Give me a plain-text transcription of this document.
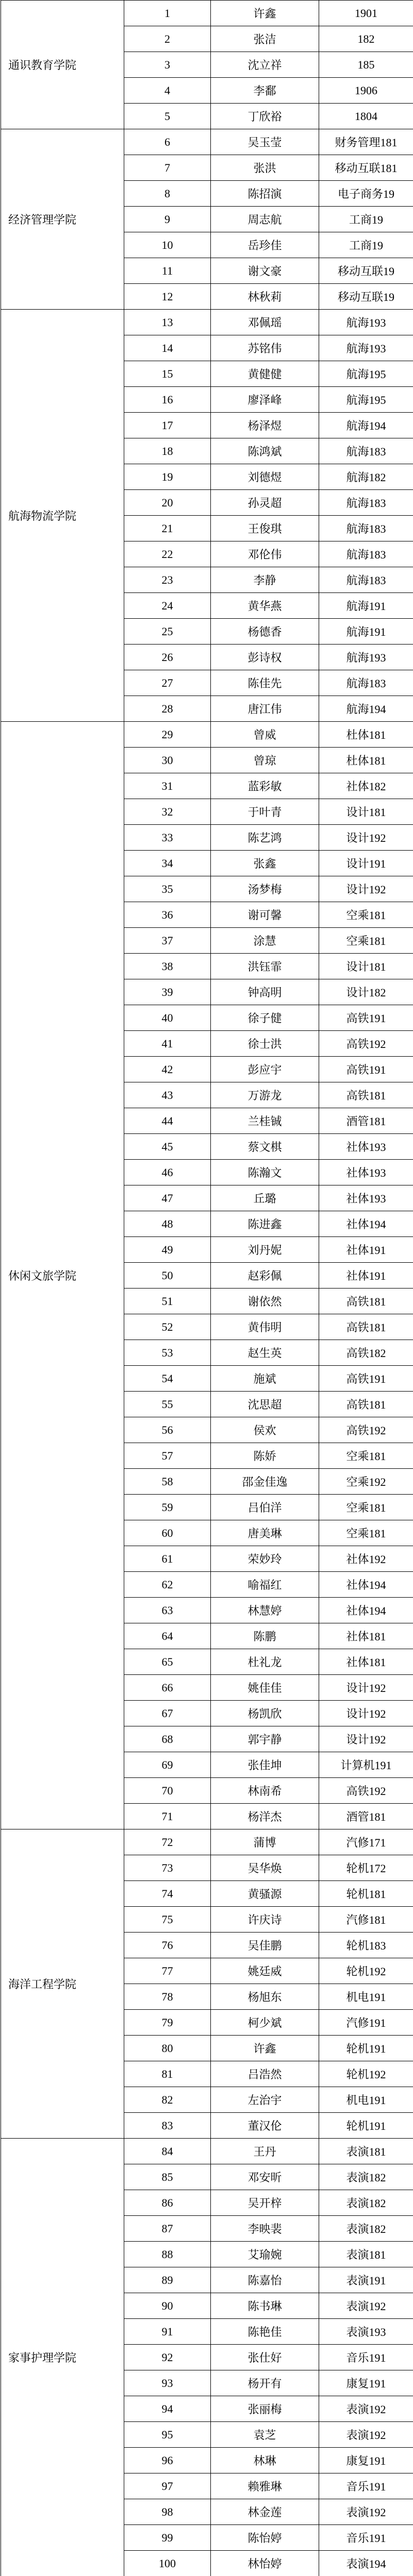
通识教育学院	1	许鑫	1901
	2	张洁	182
	3	沈立祥	185
	4	李鄱	1906
	5	丁欣裕	1804
经济管理学院	6	吴玉莹	财务管理181
	7	张洪	移动互联181
	8	陈招演	电子商务19
	9	周志航	工商19
	10	岳珍佳	工商19
	11	谢文豪	移动互联19
	12	林秋莉	移动互联19
航海物流学院	13	邓佩瑶	航海193
	14	苏铭伟	航海193
	15	黄健健	航海195
	16	廖泽峰	航海195
	17	杨泽煜	航海194
	18	陈鸿斌	航海183
	19	刘德煜	航海182
	20	孙灵超	航海183
	21	王俊琪	航海183
	22	邓伦伟	航海183
	23	李静	航海183
	24	黄华燕	航海191
	25	杨德香	航海191
	26	彭诗权	航海193
	27	陈佳先	航海183
	28	唐江伟	航海194
休闲文旅学院	29	曾威	杜体181
	30	曾琼	杜体181
	31	蓝彩敏	社体182
	32	于叶青	设计181
	33	陈艺鸿	设计192
	34	张鑫	设计191
	35	汤梦梅	设计192
	36	谢可馨	空乘181
	37	涂慧	空乘181
	38	洪钰霏	设计181
	39	钟高明	设计182
	40	徐子健	高铁191
	41	徐士洪	高铁192
	42	彭应宇	高铁191
	43	万游龙	高铁181
	44	兰桂铖	酒管181
	45	蔡文棋	社体193
	46	陈瀚文	社体193
	47	丘璐	社体193
	48	陈进鑫	社体194
	49	刘丹妮	社体191
	50	赵彩佩	社体191
	51	谢依然	高铁181
	52	黄伟明	高铁181
	53	赵生英	高铁182
	54	施斌	高铁191
	55	沈思超	高铁181
	56	侯欢	高铁192
	57	陈娇	空乘181
	58	邵金佳逸	空乘192
	59	吕伯洋	空乘181
	60	唐美琳	空乘181
	61	荣妙玲	社体192
	62	喻福红	社体194
	63	林慧婷	社体194
	64	陈鹏	社体181
	65	杜礼龙	社体181
	66	姚佳佳	设计192
	67	杨凯欣	设计192
	68	郭宇静	设计192
	69	张佳坤	计算机191
	70	林南希	高铁192
	71	杨洋杰	酒管181
海洋工程学院	72	蒲博	汽修171
	73	吴华焕	轮机172
	74	黄骚源	轮机181
	75	许庆诗	汽修181
	76	吴佳鹏	轮机183
	77	姚廷威	轮机192
	78	杨旭东	机电191
	79	柯少斌	汽修191
	80	许鑫	轮机191
	81	吕浩然	轮机192
	82	左治宇	机电191
	83	董汉伦	轮机191
家事护理学院	84	王丹	表演181
	85	邓安昕	表演182
	86	吴开梓	表演182
	87	李映裴	表演182
	88	艾瑜婉	表演181
	89	陈嘉怡	表演191
	90	陈书琳	表演192
	91	陈艳佳	表演193
	92	张仕好	音乐191
	93	杨开有	康复191
	94	张丽梅	表演192
	95	袁芝	表演192
	96	林琳	康复191
	97	赖雅琳	音乐191
	98	林金莲	表演192
	99	陈怡婷	音乐191
	100	林怡婷	表演194
